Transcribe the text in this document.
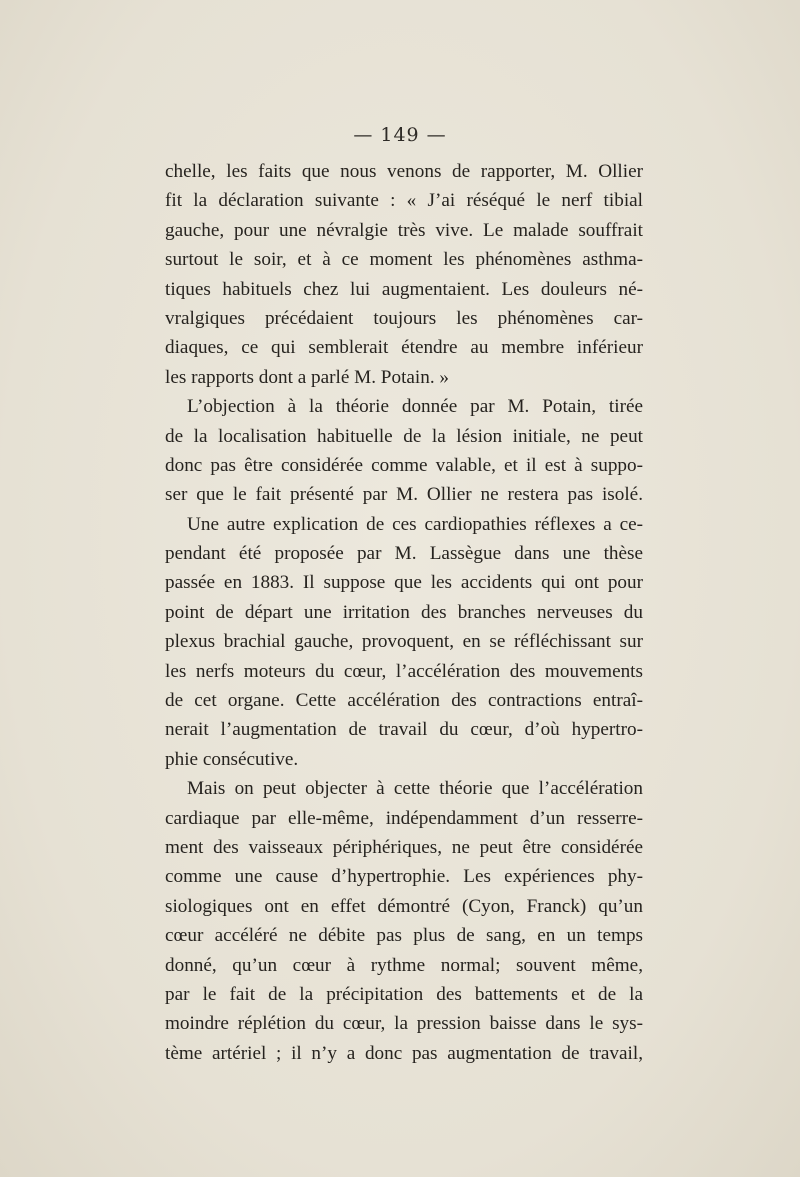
— 149 —
chelle, les faits que nous venons de rapporter, M. Ollier
fit la déclaration suivante : « J’ai réséqué le nerf tibial
gauche, pour une névralgie très vive. Le malade souffrait
surtout le soir, et à ce moment les phénomènes asthma-
tiques habituels chez lui augmentaient. Les douleurs né-
vralgiques précédaient toujours les phénomènes car-
diaques, ce qui semblerait étendre au membre inférieur
les rapports dont a parlé M. Potain. »
L’objection à la théorie donnée par M. Potain, tirée
de la localisation habituelle de la lésion initiale, ne peut
donc pas être considérée comme valable, et il est à suppo-
ser que le fait présenté par M. Ollier ne restera pas isolé.
Une autre explication de ces cardiopathies réflexes a ce-
pendant été proposée par M. Lassègue dans une thèse
passée en 1883. Il suppose que les accidents qui ont pour
point de départ une irritation des branches nerveuses du
plexus brachial gauche, provoquent, en se réfléchissant sur
les nerfs moteurs du cœur, l’accélération des mouvements
de cet organe. Cette accélération des contractions entraî-
nerait l’augmentation de travail du cœur, d’où hypertro-
phie consécutive.
Mais on peut objecter à cette théorie que l’accélération
cardiaque par elle-même, indépendamment d’un resserre-
ment des vaisseaux périphériques, ne peut être considérée
comme une cause d’hypertrophie. Les expériences phy-
siologiques ont en effet démontré (Cyon, Franck) qu’un
cœur accéléré ne débite pas plus de sang, en un temps
donné, qu’un cœur à rythme normal; souvent même,
par le fait de la précipitation des battements et de la
moindre réplétion du cœur, la pression baisse dans le sys-
tème artériel ; il n’y a donc pas augmentation de travail,
